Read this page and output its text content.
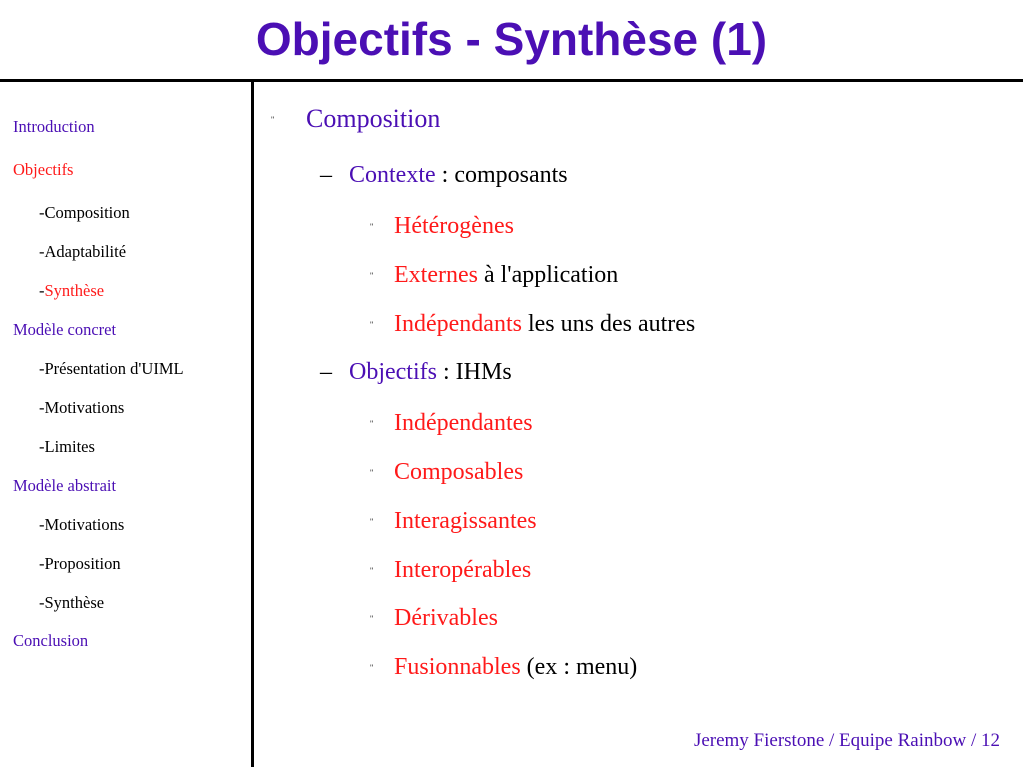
Objectifs - Synthèse (1)
Introduction
Objectifs
-Composition
-Adaptabilité
-Synthèse
Modèle concret
-Présentation d'UIML
-Motivations
-Limites
Modèle abstrait
-Motivations
-Proposition
-Synthèse
Conclusion
" Composition
– Contexte : composants
" Hétérogènes
" Externes à l'application
" Indépendants les uns des autres
– Objectifs : IHMs
" Indépendantes
" Composables
" Interagissantes
" Interopérables
" Dérivables
" Fusionnables (ex : menu)
Jeremy Fierstone / Equipe Rainbow / 12
